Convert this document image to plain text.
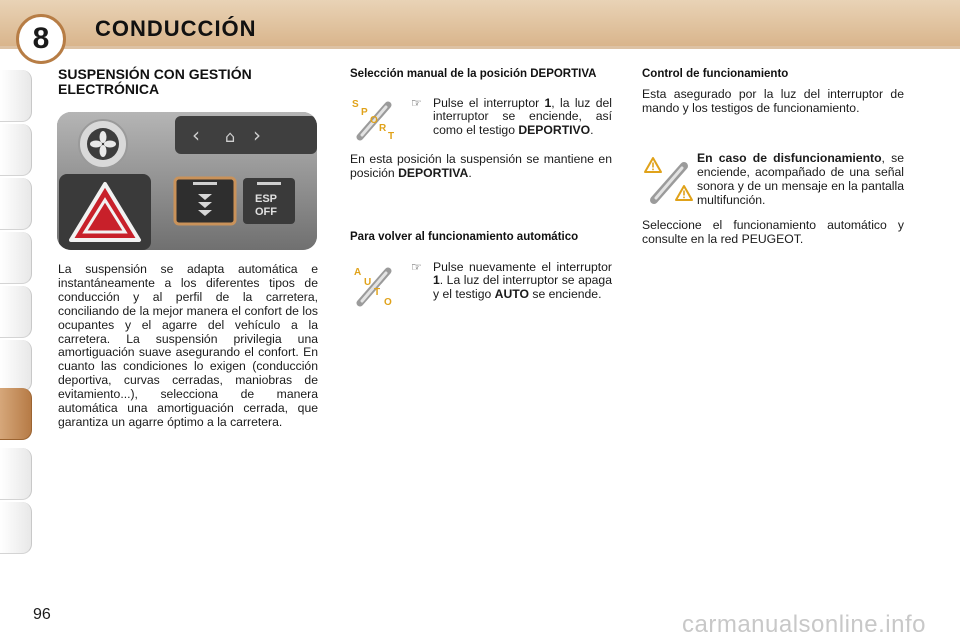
8	CONDUCCIÓN
SUSPENSIÓN CON GESTIÓN ELECTRÓNICA
‹ ⌂ ›
ESP
OFF
La suspensión se adapta automática e instantáneamente a los diferentes tipos de conducción y al perfil de la carretera, conciliando de la mejor manera el confort de los ocupantes y el agarre del vehículo a la carretera. La suspensión privilegia una amortiguación suave asegurando el confort. En cuanto las condiciones lo exigen (conducción deportiva, curvas cerradas, maniobras de evitamiento...), selecciona de manera automática una amortiguación cerrada, que garantiza un agarre óptimo a la carretera.
Selección manual de la posición DEPORTIVA
S
P
O
R
T
☞ Pulse el interruptor 1, la luz del interruptor se enciende, así como el testigo DEPORTIVO.
En esta posición la suspensión se mantiene en posición DEPORTIVA.
Para volver al funcionamiento automático
A
U
T
O
☞ Pulse nuevamente el interruptor 1. La luz del interruptor se apaga y el testigo AUTO se enciende.
Control de funcionamiento
Esta asegurado por la luz del interruptor de mando y los testigos de funcionamiento.
En caso de disfuncionamiento, se enciende, acompañado de una señal sonora y de un mensaje en la pantalla multifunción.
Seleccione el funcionamiento automático y consulte en la red PEUGEOT.
96	carmanualsonline.info
